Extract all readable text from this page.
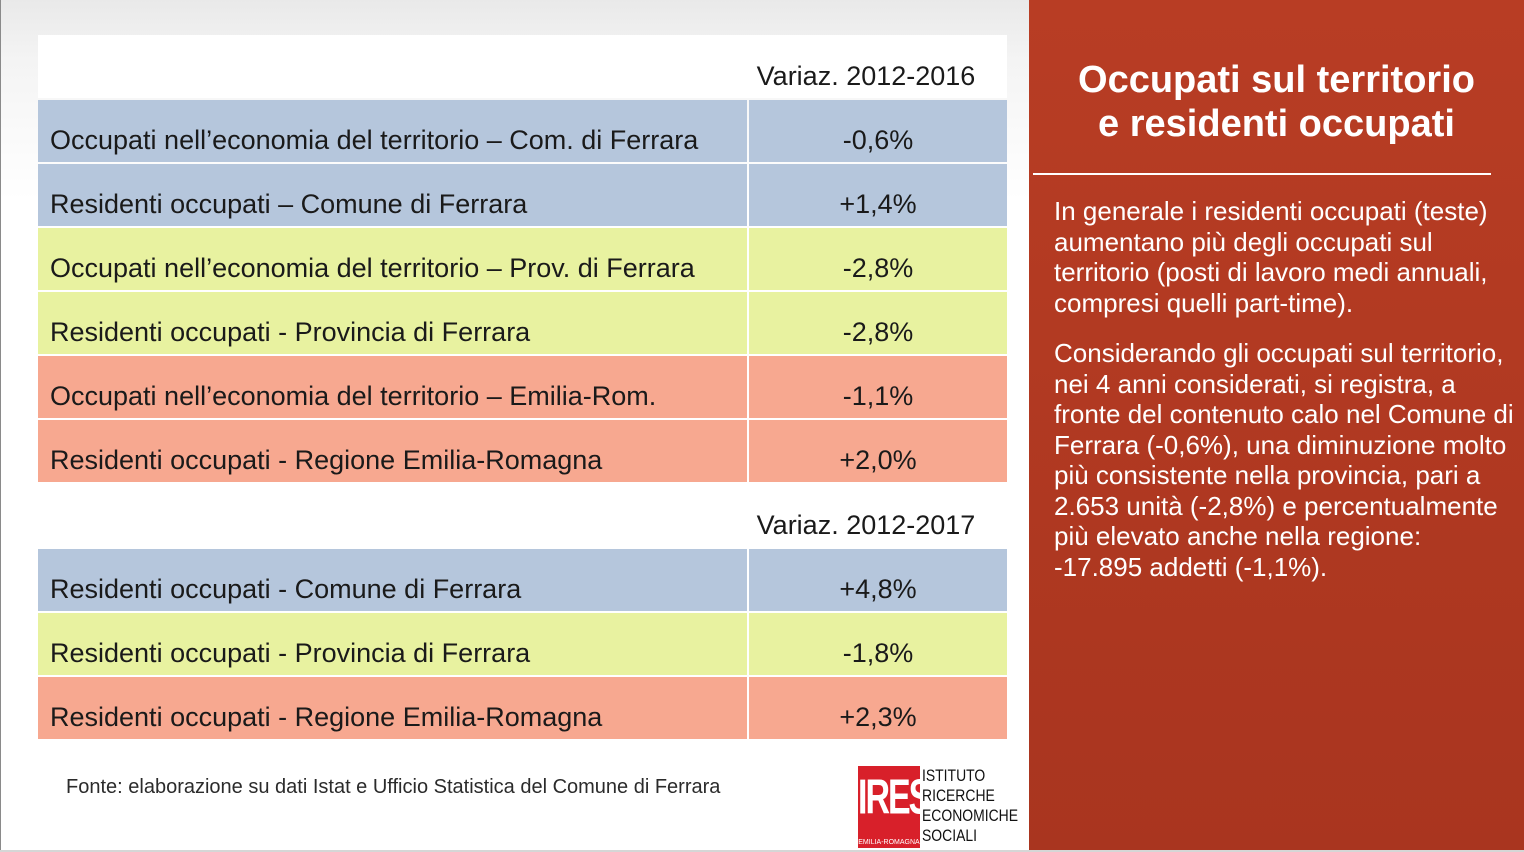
Variaz. 2012-2016
Occupati nell’economia del territorio – Com. di Ferrara	-0,6%
Residenti occupati – Comune di Ferrara	+1,4%
Occupati nell’economia del territorio – Prov. di Ferrara	-2,8%
Residenti occupati - Provincia di Ferrara	-2,8%
Occupati nell’economia del territorio – Emilia-Rom.	-1,1%
Residenti occupati - Regione Emilia-Romagna	+2,0%
Variaz. 2012-2017
Residenti occupati - Comune di Ferrara	+4,8%
Residenti occupati - Provincia di Ferrara	-1,8%
Residenti occupati - Regione Emilia-Romagna	+2,3%
Fonte: elaborazione su dati Istat e Ufficio Statistica del Comune di Ferrara	IRES
EMILIA-ROMAGNA
ISTITUTO
RICERCHE
ECONOMICHE
SOCIALI
Occupati sul territorio
e residenti occupati

In generale i residenti occupati (teste) aumentano più degli occupati sul territorio (posti di lavoro medi annuali, compresi quelli part-time).

Considerando gli occupati sul territorio, nei 4 anni considerati, si registra, a fronte del contenuto calo nel Comune di Ferrara (-0,6%), una diminuzione molto più consistente nella provincia, pari a 2.653 unità (-2,8%) e percentualmente più elevato anche nella regione: -17.895 addetti (-1,1%).
